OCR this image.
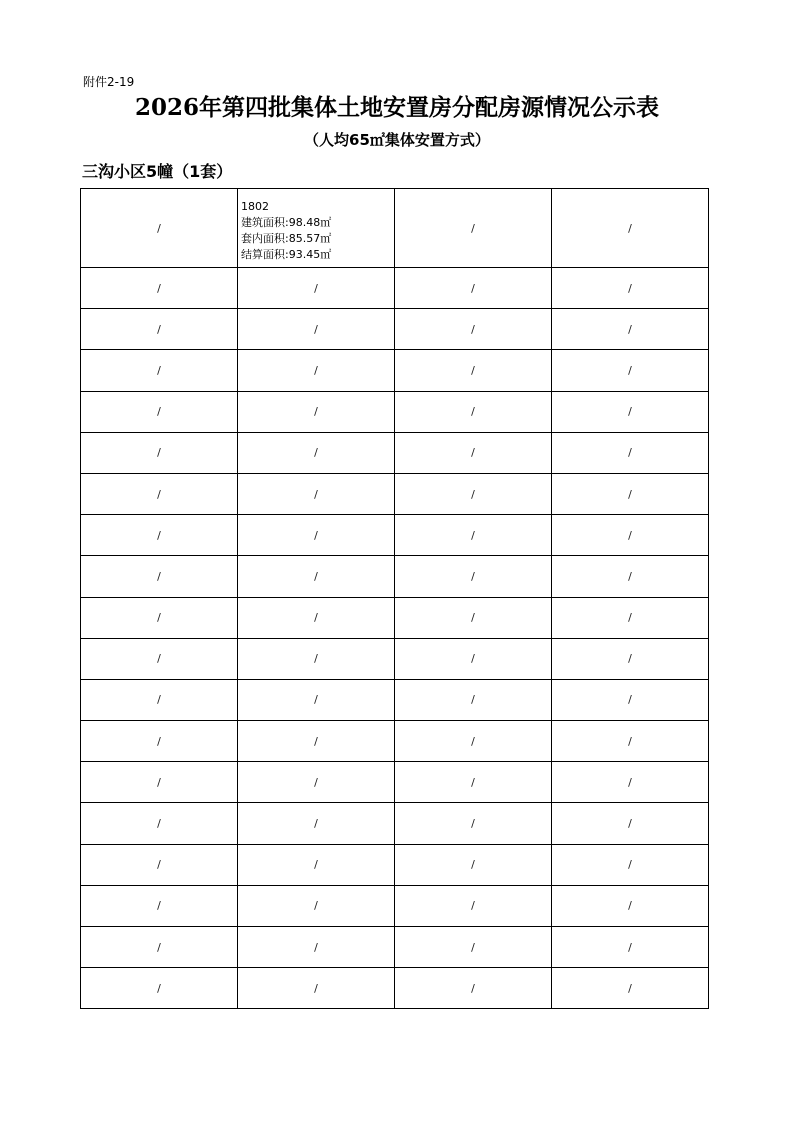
附件2-19
2026年第四批集体土地安置房分配房源情况公示表
（人均65㎡集体安置方式）
三沟小区5幢（1套）
/	1802
建筑面积:98.48㎡
套内面积:85.57㎡
结算面积:93.45㎡	/	/
/	/	/	/
/	/	/	/
/	/	/	/
/	/	/	/
/	/	/	/
/	/	/	/
/	/	/	/
/	/	/	/
/	/	/	/
/	/	/	/
/	/	/	/
/	/	/	/
/	/	/	/
/	/	/	/
/	/	/	/
/	/	/	/
/	/	/	/
/	/	/	/
